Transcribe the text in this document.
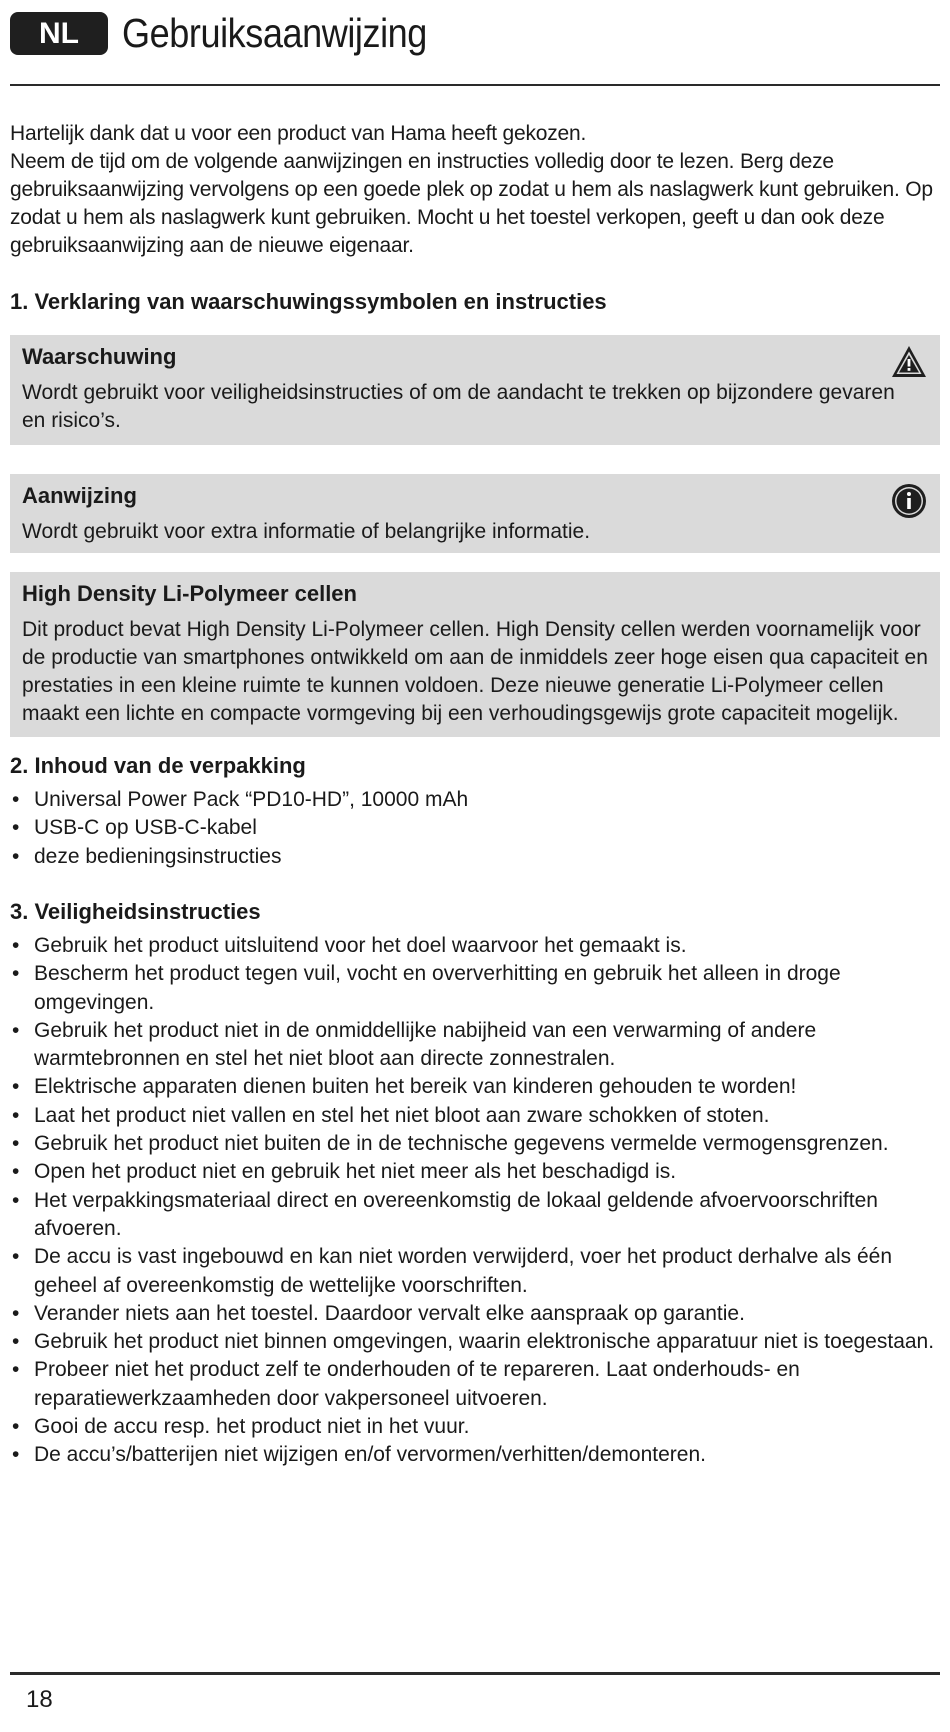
NL	Gebruiksaanwijzing

Hartelijk dank dat u voor een product van Hama heeft gekozen.

Neem de tijd om de volgende aanwijzingen en instructies volledig door te lezen. Berg deze gebruiksaanwijzing vervolgens op een goede plek op zodat u hem als naslagwerk kunt gebruiken. Op zodat u hem als naslagwerk kunt gebruiken. Mocht u het toestel verkopen, geeft u dan ook deze gebruiksaanwijzing aan de nieuwe eigenaar.

1. Verklaring van waarschuwingssymbolen en instructies
Waarschuwing
Wordt gebruikt voor veiligheidsinstructies of om de aandacht te trekken op bijzondere gevaren en risico’s.
Aanwijzing
Wordt gebruikt voor extra informatie of belangrijke informatie.
High Density Li-Polymeer cellen
Dit product bevat High Density Li-Polymeer cellen. High Density cellen werden voornamelijk voor de productie van smartphones ontwikkeld om aan de inmiddels zeer hoge eisen qua capaciteit en prestaties in een kleine ruimte te kunnen voldoen. Deze nieuwe generatie Li-Polymeer cellen maakt een lichte en compacte vormgeving bij een verhoudingsgewijs grote capaciteit mogelijk.
2. Inhoud van de verpakking
• Universal Power Pack “PD10-HD”, 10000 mAh
• USB-C op USB-C-kabel
• deze bedieningsinstructies
3. Veiligheidsinstructies
• Gebruik het product uitsluitend voor het doel waarvoor het gemaakt is.
• Bescherm het product tegen vuil, vocht en oververhitting en gebruik het alleen in droge omgevingen.
• Gebruik het product niet in de onmiddellijke nabijheid van een verwarming of andere warmtebronnen en stel het niet bloot aan directe zonnestralen.
• Elektrische apparaten dienen buiten het bereik van kinderen gehouden te worden!
• Laat het product niet vallen en stel het niet bloot aan zware schokken of stoten.
• Gebruik het product niet buiten de in de technische gegevens vermelde vermogensgrenzen.
• Open het product niet en gebruik het niet meer als het beschadigd is.
• Het verpakkingsmateriaal direct en overeenkomstig de lokaal geldende afvoervoorschriften afvoeren.
• De accu is vast ingebouwd en kan niet worden verwijderd, voer het product derhalve als één geheel af overeenkomstig de wettelijke voorschriften.
• Verander niets aan het toestel. Daardoor vervalt elke aanspraak op garantie.
• Gebruik het product niet binnen omgevingen, waarin elektronische apparatuur niet is toegestaan.
• Probeer niet het product zelf te onderhouden of te repareren. Laat onderhouds- en reparatiewerkzaamheden door vakpersoneel uitvoeren.
• Gooi de accu resp. het product niet in het vuur.
• De accu’s/batterijen niet wijzigen en/of vervormen/verhitten/demonteren.
18
